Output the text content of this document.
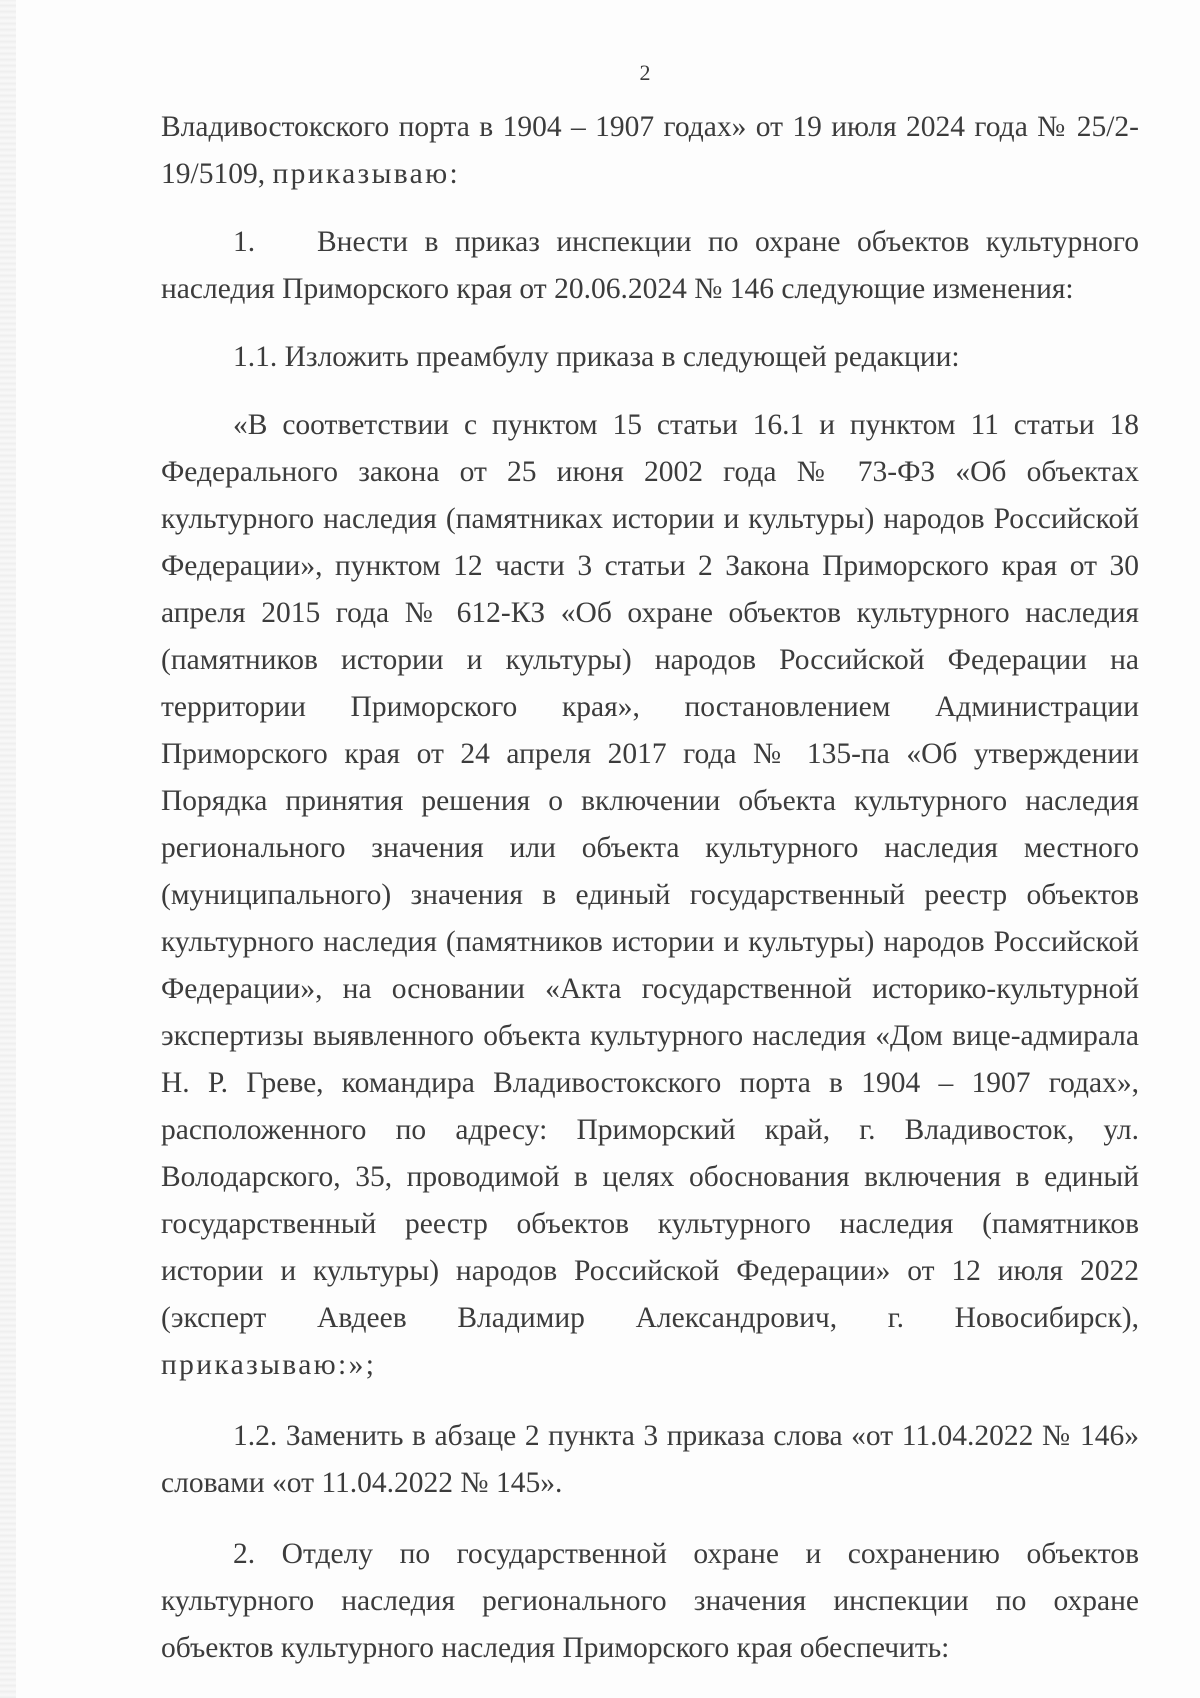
2

Владивостокского порта в 1904 – 1907 годах» от 19 июля 2024 года № 25/2-19/5109, приказываю:

1. Внести в приказ инспекции по охране объектов культурного наследия Приморского края от 20.06.2024 № 146 следующие изменения:

1.1. Изложить преамбулу приказа в следующей редакции:

«В соответствии с пунктом 15 статьи 16.1 и пунктом 11 статьи 18 Федерального закона от 25 июня 2002 года № 73-ФЗ «Об объектах культурного наследия (памятниках истории и культуры) народов Российской Федерации», пунктом 12 части 3 статьи 2 Закона Приморского края от 30 апреля 2015 года № 612-КЗ «Об охране объектов культурного наследия (памятников истории и культуры) народов Российской Федерации на территории Приморского края», постановлением Администрации Приморского края от 24 апреля 2017 года № 135-па «Об утверждении Порядка принятия решения о включении объекта культурного наследия регионального значения или объекта культурного наследия местного (муниципального) значения в единый государственный реестр объектов культурного наследия (памятников истории и культуры) народов Российской Федерации», на основании «Акта государственной историко-культурной экспертизы выявленного объекта культурного наследия «Дом вице-адмирала Н. Р. Греве, командира Владивостокского порта в 1904 – 1907 годах», расположенного по адресу: Приморский край, г. Владивосток, ул. Володарского, 35, проводимой в целях обоснования включения в единый государственный реестр объектов культурного наследия (памятников истории и культуры) народов Российской Федерации» от 12 июля 2022 (эксперт Авдеев Владимир Александрович, г. Новосибирск), приказываю:»;

1.2. Заменить в абзаце 2 пункта 3 приказа слова «от 11.04.2022 № 146» словами «от 11.04.2022 № 145».

2. Отделу по государственной охране и сохранению объектов культурного наследия регионального значения инспекции по охране объектов культурного наследия Приморского края обеспечить:
